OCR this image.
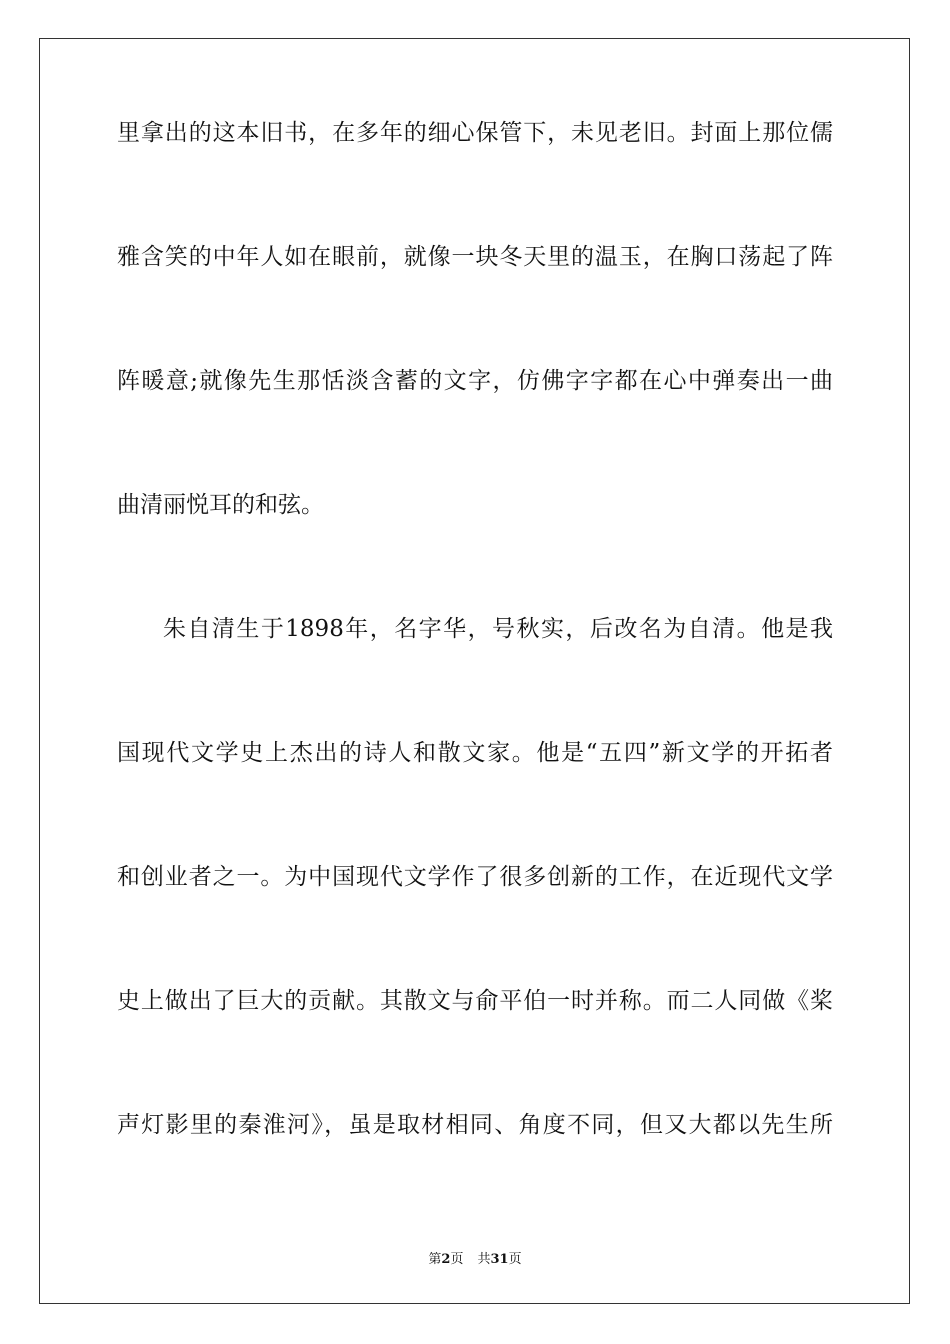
里拿出的这本旧书，在多年的细心保管下，未见老旧。封面上那位儒
雅含笑的中年人如在眼前，就像一块冬天里的温玉，在胸口荡起了阵
阵暖意;就像先生那恬淡含蓄的文字，仿佛字字都在心中弹奏出一曲
曲清丽悦耳的和弦。
朱自清生于1898年，名字华，号秋实，后改名为自清。他是我
国现代文学史上杰出的诗人和散文家。他是“五四”新文学的开拓者
和创业者之一。为中国现代文学作了很多创新的工作，在近现代文学
史上做出了巨大的贡献。其散文与俞平伯一时并称。而二人同做《桨
声灯影里的秦淮河》，虽是取材相同、角度不同，但又大都以先生所
第2页 共31页
